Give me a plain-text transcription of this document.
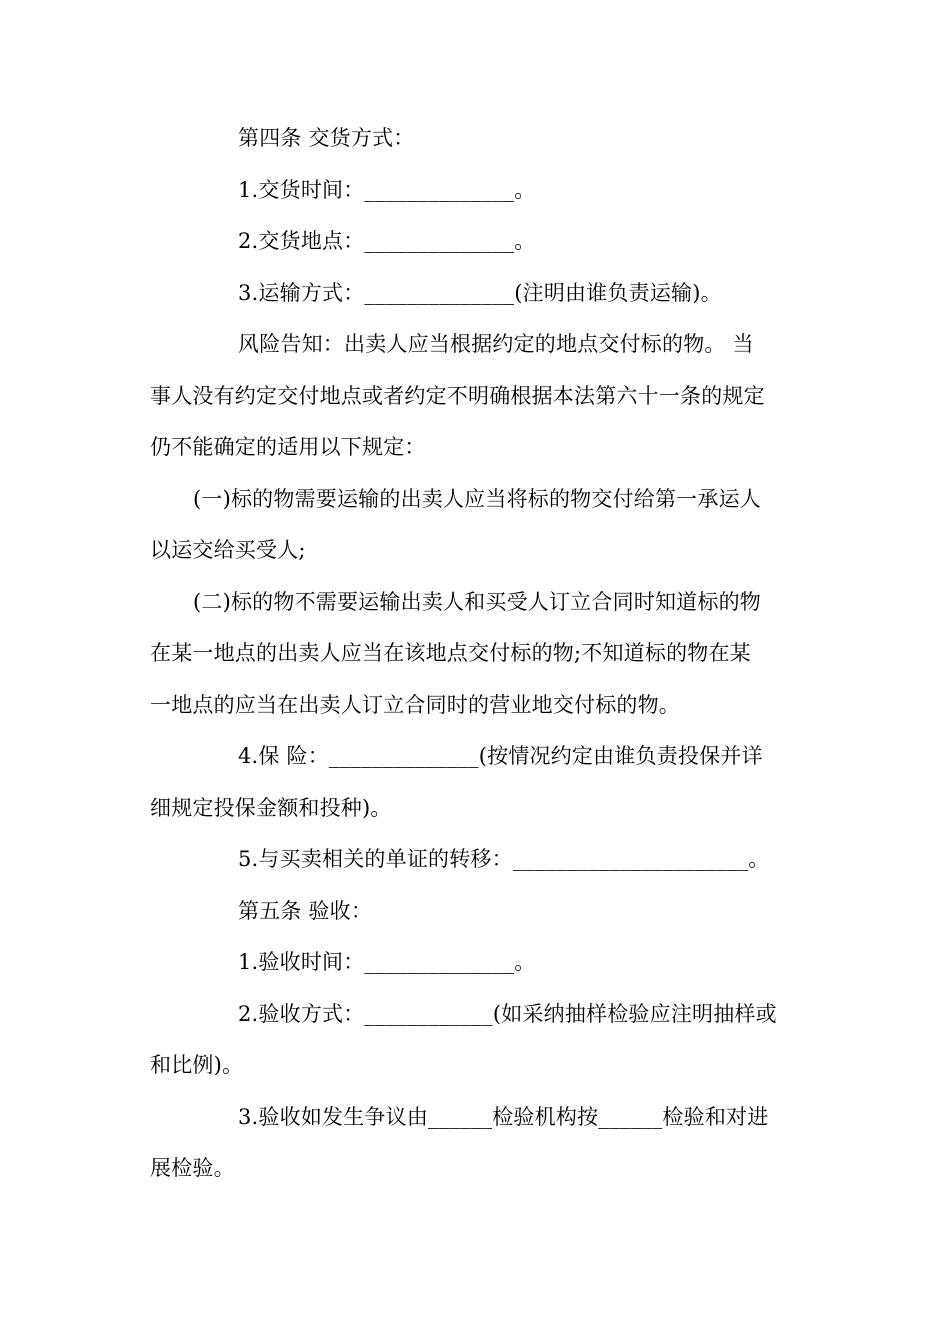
第四条 交货方式：
1.交货时间：______________。
2.交货地点：______________。
3.运输方式：______________(注明由谁负责运输)。
风险告知：出卖人应当根据约定的地点交付标的物。 当
事人没有约定交付地点或者约定不明确根据本法第六十一条的规定
仍不能确定的适用以下规定：
(一)标的物需要运输的出卖人应当将标的物交付给第一承运人
以运交给买受人;
(二)标的物不需要运输出卖人和买受人订立合同时知道标的物
在某一地点的出卖人应当在该地点交付标的物;不知道标的物在某
一地点的应当在出卖人订立合同时的营业地交付标的物。
4.保 险：______________(按情况约定由谁负责投保并详
细规定投保金额和投种)。
5.与买卖相关的单证的转移：______________________。
第五条 验收：
1.验收时间：______________。
2.验收方式：____________(如采纳抽样检验应注明抽样或
和比例)。
3.验收如发生争议由______检验机构按______检验和对进
展检验。
